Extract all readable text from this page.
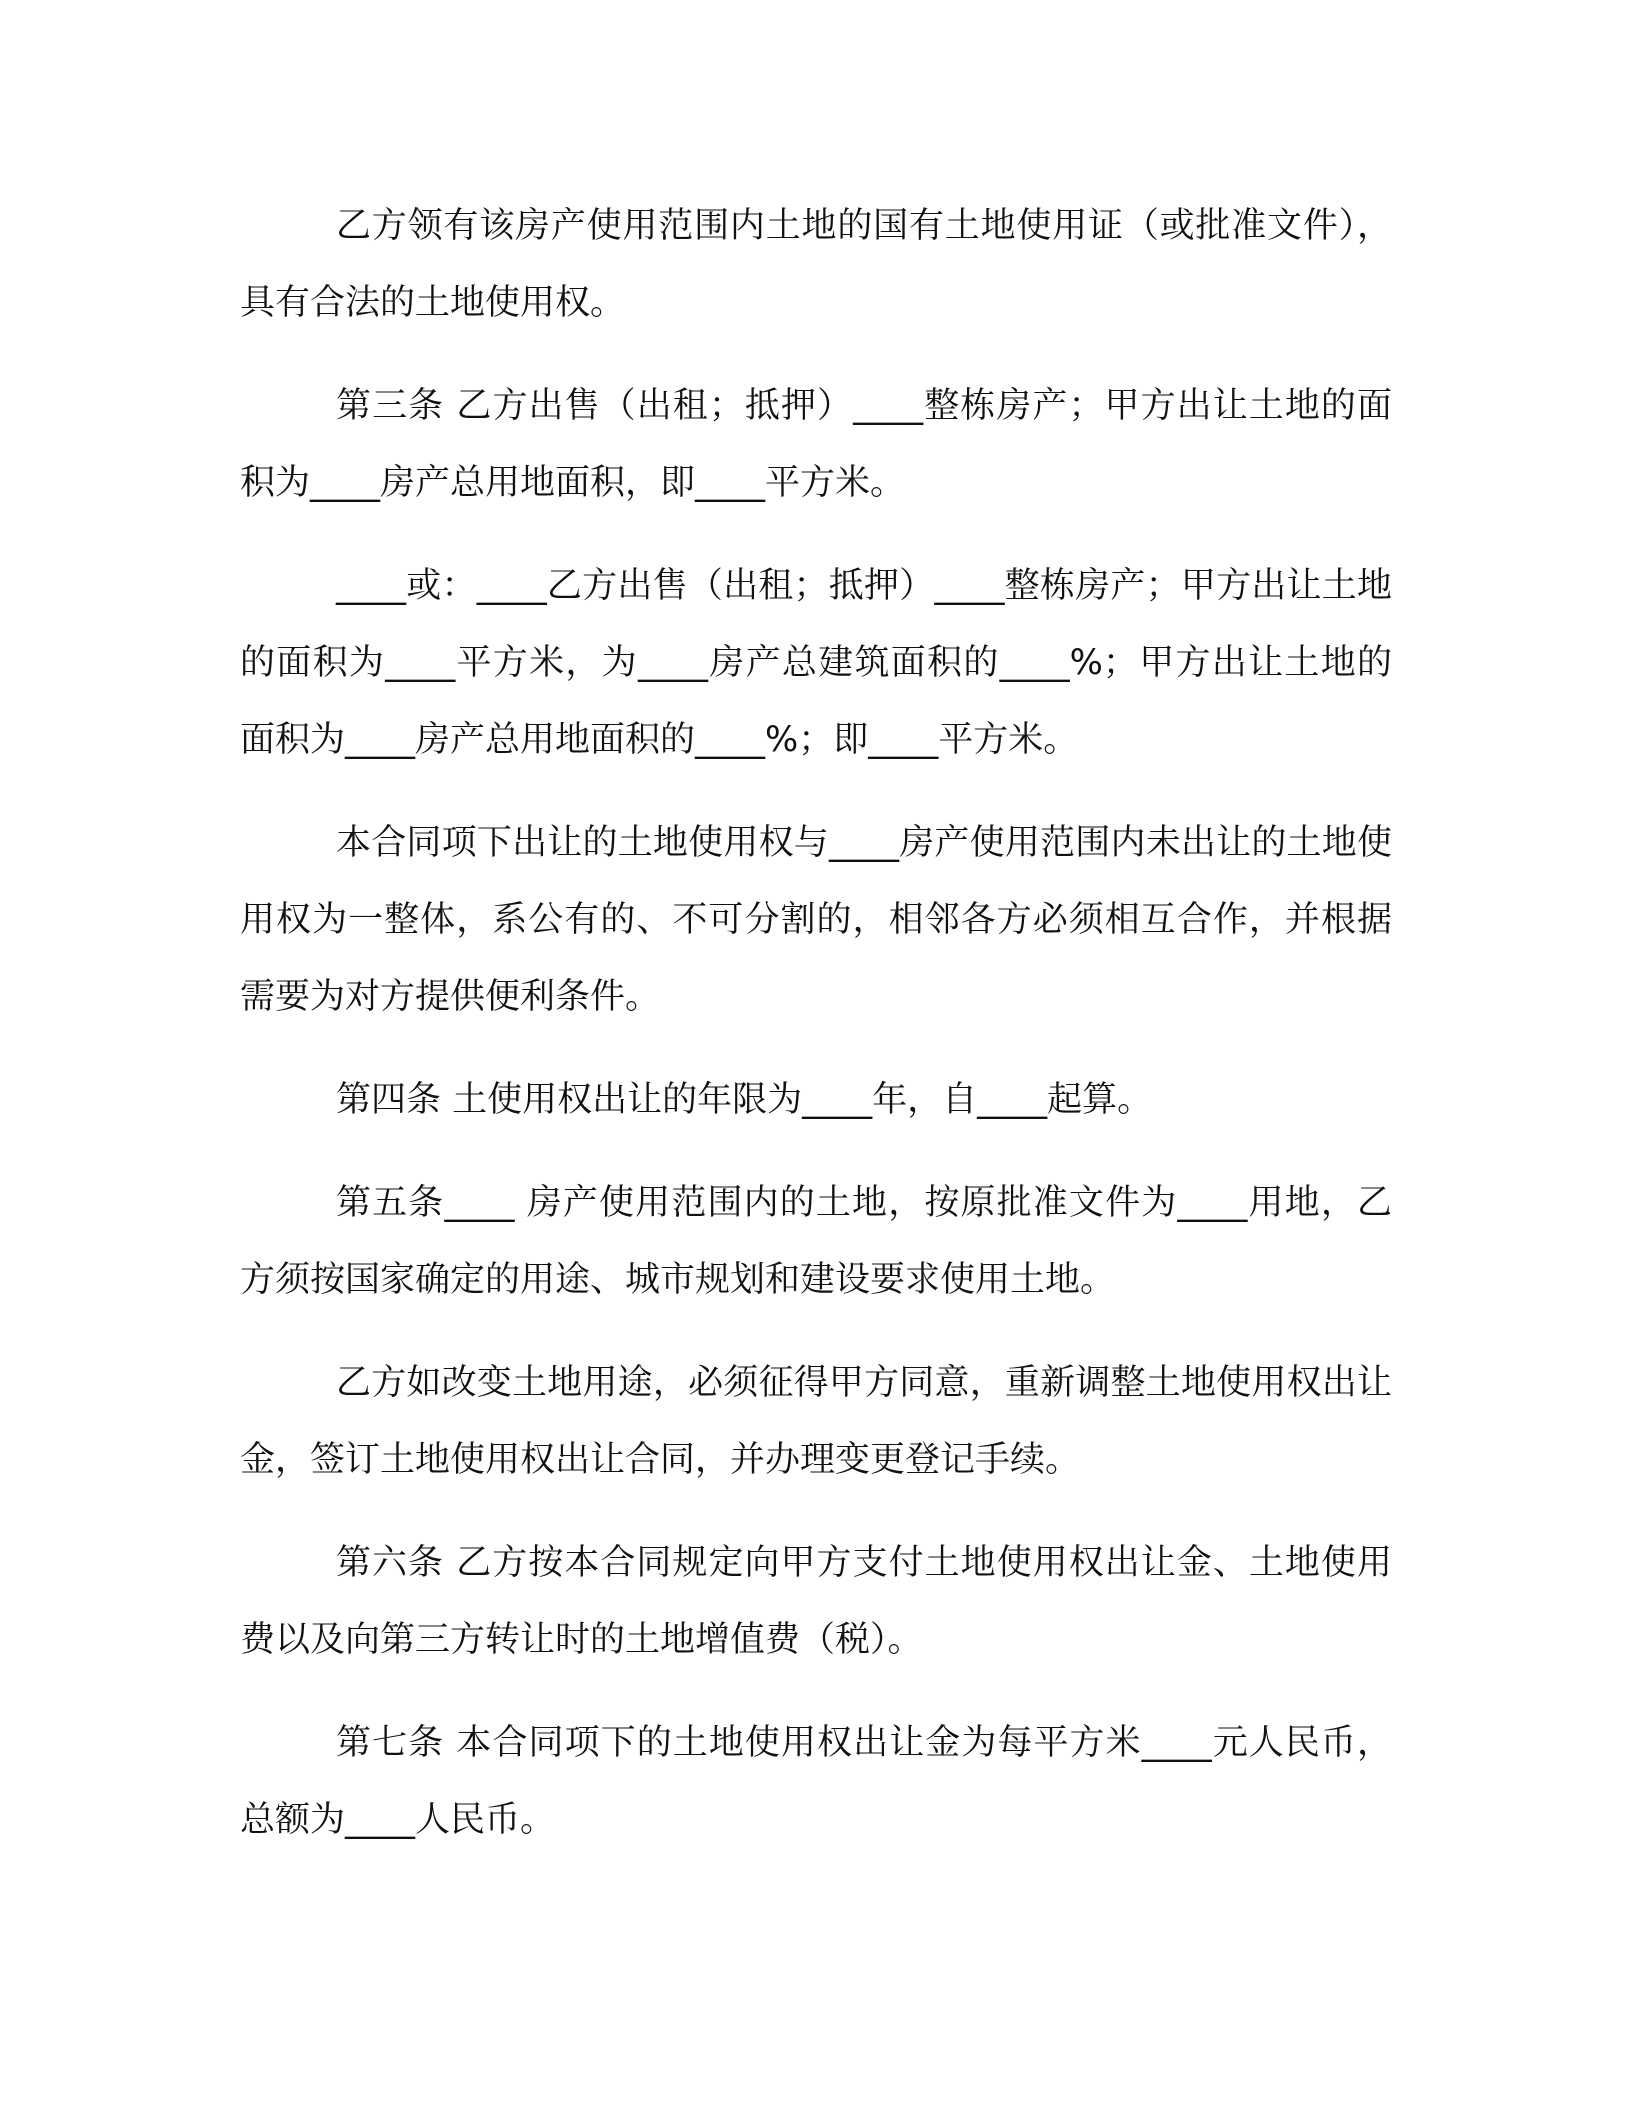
乙方领有该房产使用范围内土地的国有土地使用证（或批准文件），具有合法的土地使用权。

第三条 乙方出售（出租；抵押）____整栋房产；甲方出让土地的面积为____房产总用地面积，即____平方米。

____或：____乙方出售（出租；抵押）____整栋房产；甲方出让土地的面积为____平方米，为____房产总建筑面积的____%；甲方出让土地的面积为____房产总用地面积的____%；即____平方米。

本合同项下出让的土地使用权与____房产使用范围内未出让的土地使用权为一整体，系公有的、不可分割的，相邻各方必须相互合作，并根据需要为对方提供便利条件。

第四条 土使用权出让的年限为____年，自____起算。

第五条____ 房产使用范围内的土地，按原批准文件为____用地，乙方须按国家确定的用途、城市规划和建设要求使用土地。

乙方如改变土地用途，必须征得甲方同意，重新调整土地使用权出让金，签订土地使用权出让合同，并办理变更登记手续。

第六条 乙方按本合同规定向甲方支付土地使用权出让金、土地使用费以及向第三方转让时的土地增值费（税）。

第七条 本合同项下的土地使用权出让金为每平方米____元人民币，总额为____人民币。
